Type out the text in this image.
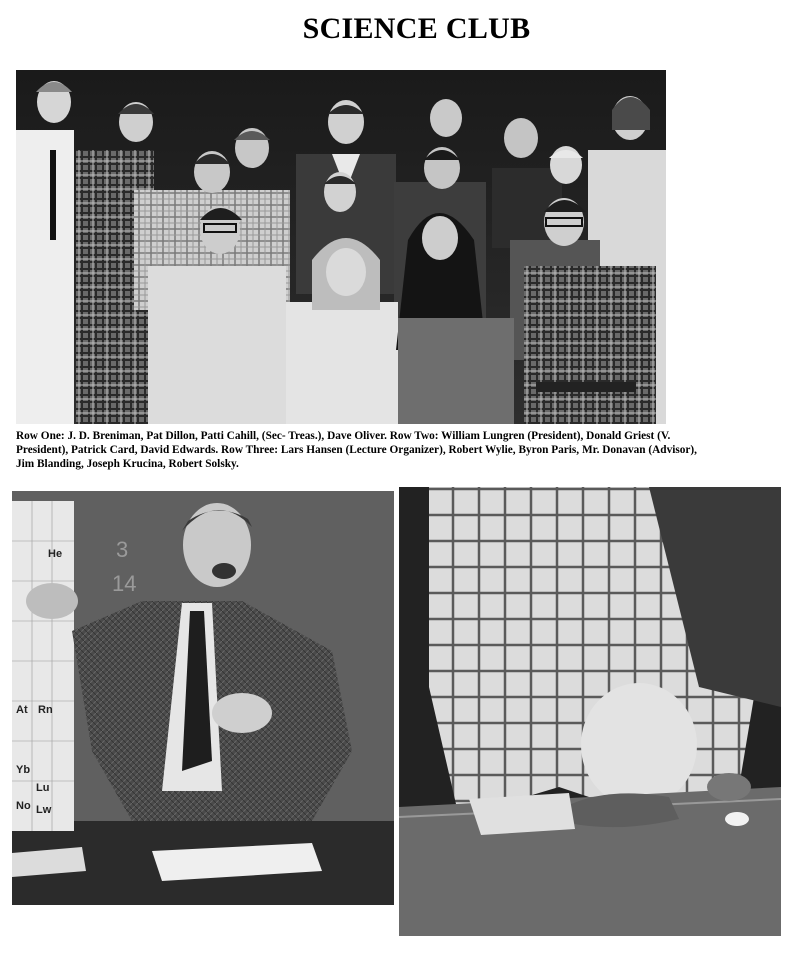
SCIENCE CLUB

Row One: J. D. Breniman, Pat Dillon, Patti Cahill, (Sec- Treas.), Dave Oliver. Row Two: William Lungren (President), Donald Griest (V. President), Patrick Card, David Edwards. Row Three: Lars Hansen (Lecture Organizer), Robert Wylie, Byron Paris, Mr. Donavan (Advisor), Jim Blanding, Joseph Krucina, Robert Solsky.

He
At Rn
Yb
Lu
No Lw
3
14
